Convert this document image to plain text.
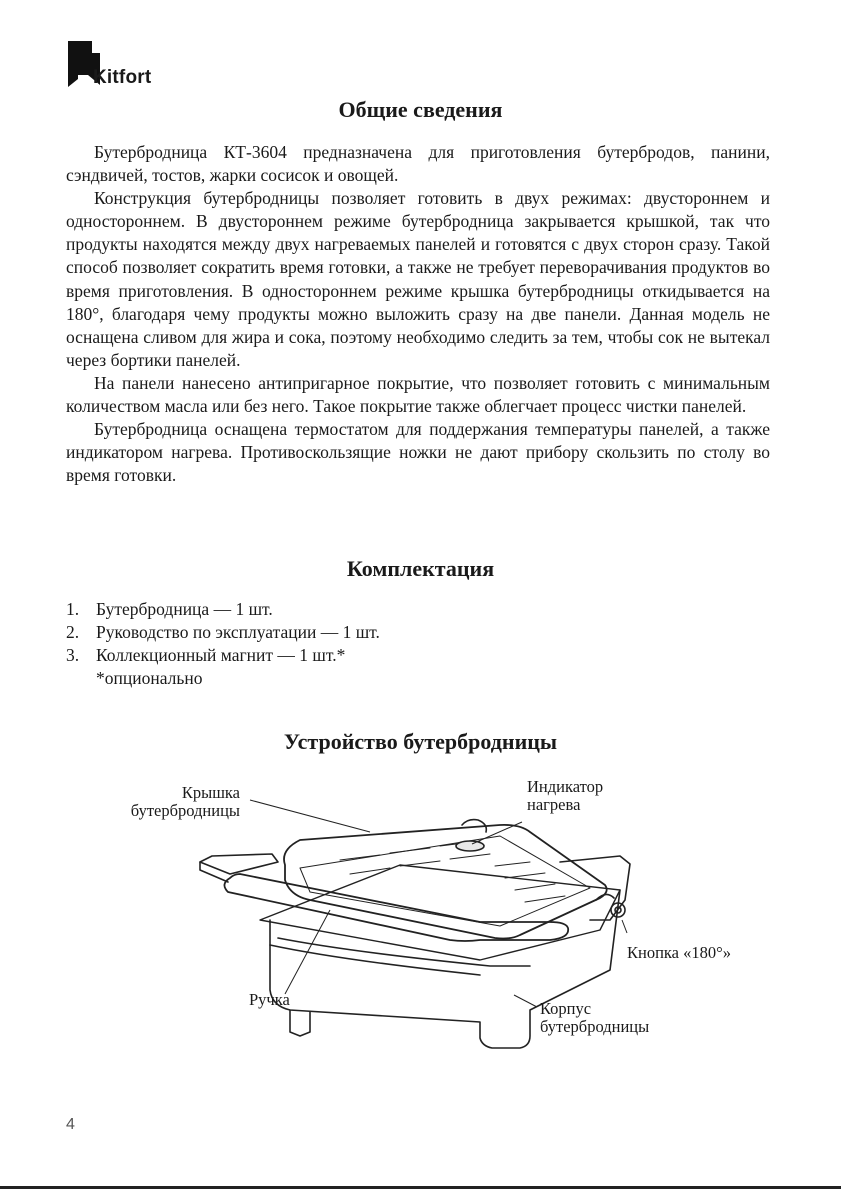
Kitfort
Общие сведения

Бутербродница КТ-3604 предназначена для приготовления бутербродов, панини, сэндвичей, тостов, жарки сосисок и овощей.

Конструкция бутербродницы позволяет готовить в двух режимах: двустороннем и одностороннем. В двустороннем режиме бутербродница закрывается крышкой, так что продукты находятся между двух нагреваемых панелей и готовятся с двух сторон сразу. Такой способ позволяет сократить время готовки, а также не требует переворачивания продуктов во время приготовления. В одностороннем режиме крышка бутербродницы откидывается на 180°, благодаря чему продукты можно выложить сразу на две панели. Данная модель не оснащена сливом для жира и сока, поэтому необходимо следить за тем, чтобы сок не вытекал через бортики панелей.

На панели нанесено антипригарное покрытие, что позволяет готовить с минимальным количеством масла или без него. Такое покрытие также облегчает процесс чистки панелей.

Бутербродница оснащена термостатом для поддержания температуры панелей, а также индикатором нагрева. Противоскользящие ножки не дают прибору скользить по столу во время готовки.

Комплектация
1. Бутербродница — 1 шт.
2. Руководство по эксплуатации — 1 шт.
3. Коллекционный магнит — 1 шт.*
*опционально
Устройство бутербродницы
Крышка
бутербродницы
Индикатор
нагрева
Кнопка «180°»
Ручка	Корпус
бутербродницы
4
